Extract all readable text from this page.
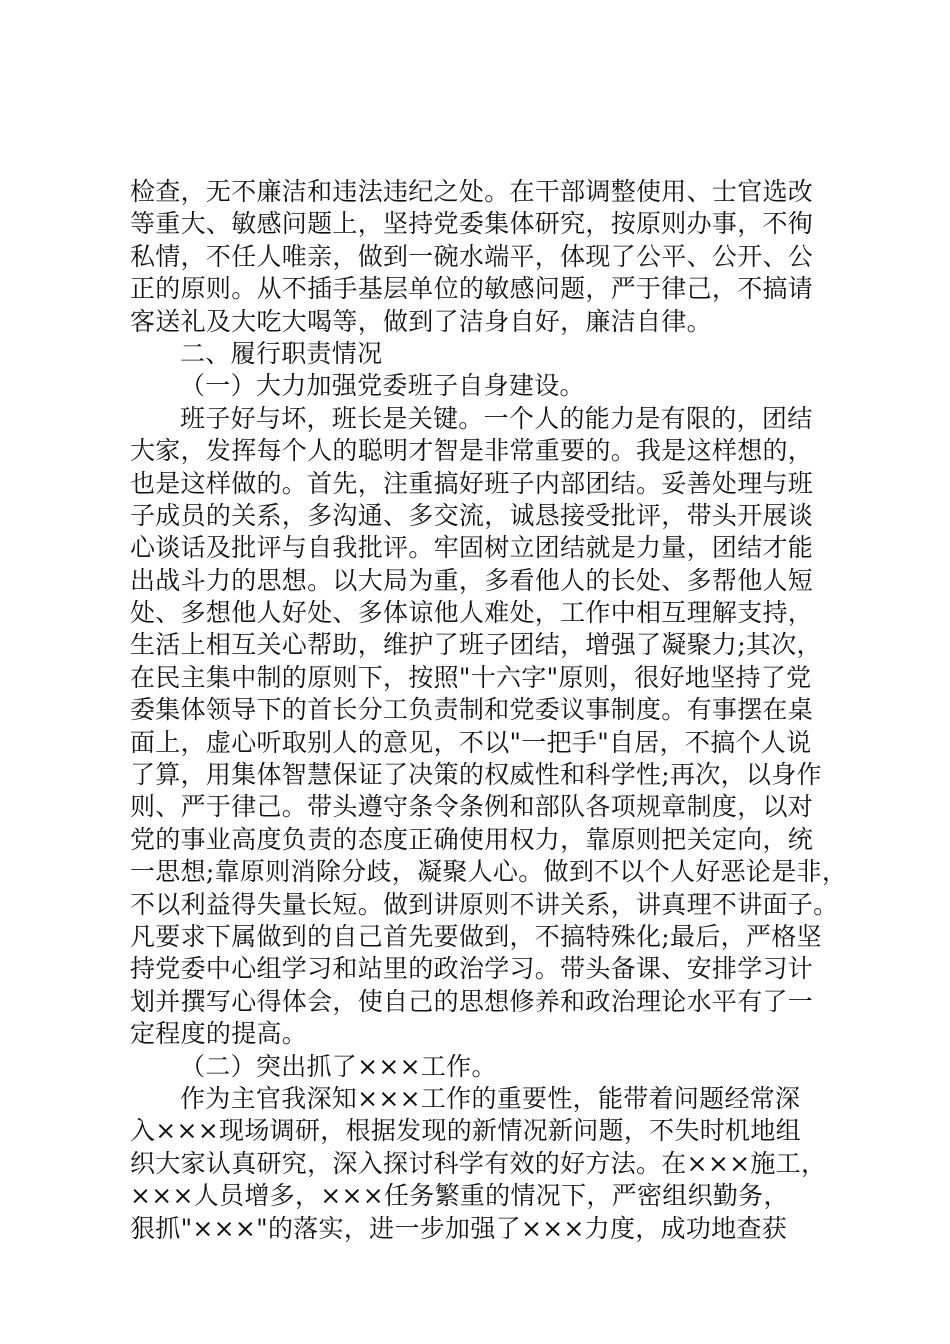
检查，无不廉洁和违法违纪之处。在干部调整使用、士官选改
等重大、敏感问题上，坚持党委集体研究，按原则办事，不徇
私情，不任人唯亲，做到一碗水端平，体现了公平、公开、公
正的原则。从不插手基层单位的敏感问题，严于律己，不搞请
客送礼及大吃大喝等，做到了洁身自好，廉洁自律。
二、履行职责情况
（一）大力加强党委班子自身建设。
班子好与坏，班长是关键。一个人的能力是有限的，团结
大家，发挥每个人的聪明才智是非常重要的。我是这样想的，
也是这样做的。首先，注重搞好班子内部团结。妥善处理与班
子成员的关系，多沟通、多交流，诚恳接受批评，带头开展谈
心谈话及批评与自我批评。牢固树立团结就是力量，团结才能
出战斗力的思想。以大局为重，多看他人的长处、多帮他人短
处、多想他人好处、多体谅他人难处，工作中相互理解支持，
生活上相互关心帮助，维护了班子团结，增强了凝聚力;其次，
在民主集中制的原则下，按照"十六字"原则，很好地坚持了党
委集体领导下的首长分工负责制和党委议事制度。有事摆在桌
面上，虚心听取别人的意见，不以"一把手"自居，不搞个人说
了算，用集体智慧保证了决策的权威性和科学性;再次，以身作
则、严于律己。带头遵守条令条例和部队各项规章制度，以对
党的事业高度负责的态度正确使用权力，靠原则把关定向，统
一思想;靠原则消除分歧，凝聚人心。做到不以个人好恶论是非，
不以利益得失量长短。做到讲原则不讲关系，讲真理不讲面子。
凡要求下属做到的自己首先要做到，不搞特殊化;最后，严格坚
持党委中心组学习和站里的政治学习。带头备课、安排学习计
划并撰写心得体会，使自己的思想修养和政治理论水平有了一
定程度的提高。
（二）突出抓了×××工作。
作为主官我深知×××工作的重要性，能带着问题经常深
入×××现场调研，根据发现的新情况新问题，不失时机地组
织大家认真研究，深入探讨科学有效的好方法。在×××施工，
×××人员增多，×××任务繁重的情况下，严密组织勤务，
狠抓"×××"的落实，进一步加强了×××力度，成功地查获
